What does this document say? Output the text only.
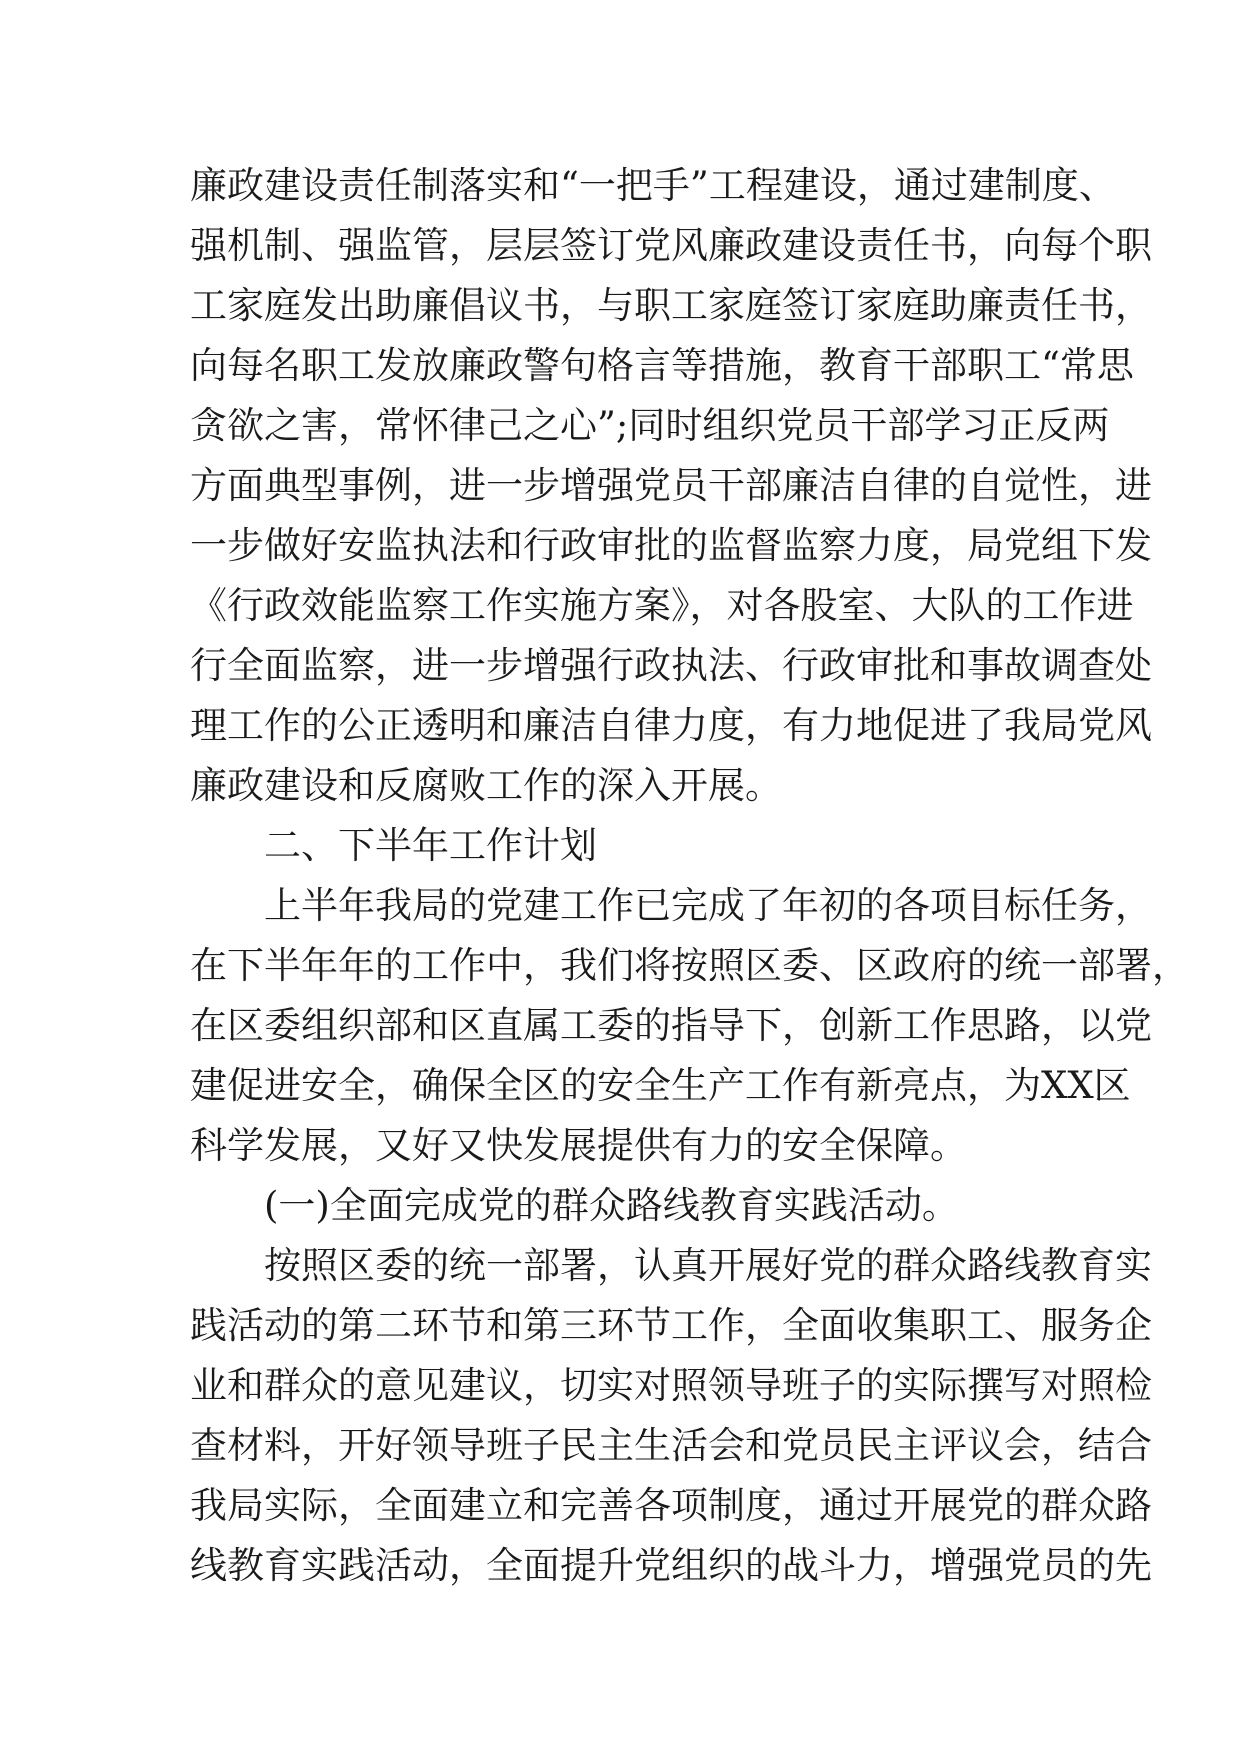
廉政建设责任制落实和“一把手”工程建设，通过建制度、
强机制、强监管，层层签订党风廉政建设责任书，向每个职
工家庭发出助廉倡议书，与职工家庭签订家庭助廉责任书，
向每名职工发放廉政警句格言等措施，教育干部职工“常思
贪欲之害，常怀律己之心”;同时组织党员干部学习正反两
方面典型事例，进一步增强党员干部廉洁自律的自觉性，进
一步做好安监执法和行政审批的监督监察力度，局党组下发
《行政效能监察工作实施方案》，对各股室、大队的工作进
行全面监察，进一步增强行政执法、行政审批和事故调查处
理工作的公正透明和廉洁自律力度，有力地促进了我局党风
廉政建设和反腐败工作的深入开展。
二、下半年工作计划
上半年我局的党建工作已完成了年初的各项目标任务，
在下半年年的工作中，我们将按照区委、区政府的统一部署，
在区委组织部和区直属工委的指导下，创新工作思路，以党
建促进安全，确保全区的安全生产工作有新亮点，为XX区
科学发展，又好又快发展提供有力的安全保障。
(一)全面完成党的群众路线教育实践活动。
按照区委的统一部署，认真开展好党的群众路线教育实
践活动的第二环节和第三环节工作，全面收集职工、服务企
业和群众的意见建议，切实对照领导班子的实际撰写对照检
查材料，开好领导班子民主生活会和党员民主评议会，结合
我局实际，全面建立和完善各项制度，通过开展党的群众路
线教育实践活动，全面提升党组织的战斗力，增强党员的先
